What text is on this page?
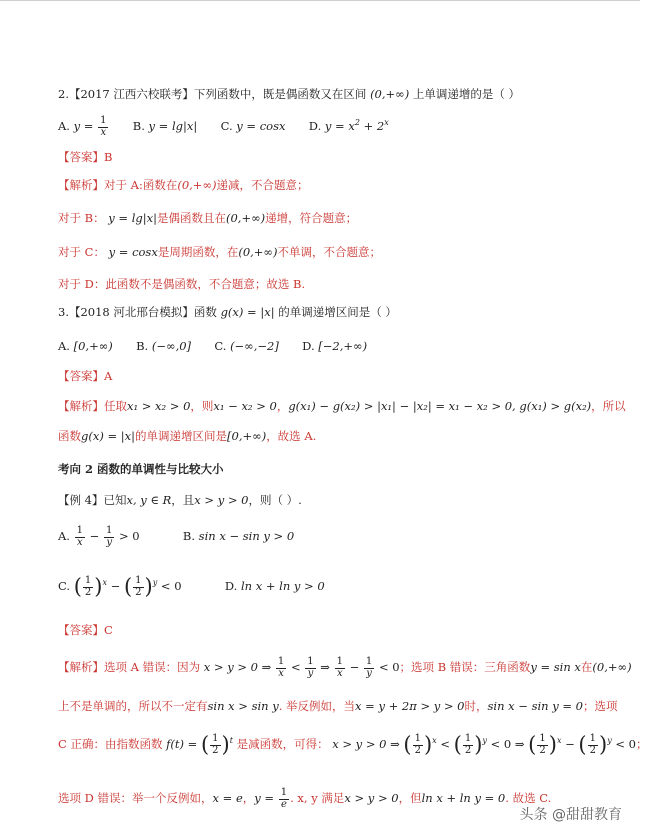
2.【2017 江西六校联考】下列函数中，既是偶函数又在区间 (0,+∞) 上单调递增的是（ ）
A. $y = \frac{1}{x} B$. y = lg|x| C. y = cosx D. $y = x^2 + 2^x$
【答案】B
【解析】对于 A:函数在(0,+∞)递减，不合题意；
对于 B： y = lg|x|是偶函数且在(0,+∞)递增，符合题意；
对于 C： y = cosx是周期函数，在(0,+∞)不单调，不合题意；
对于 D：此函数不是偶函数，不合题意；故选 B.
3.【2018 河北邢台模拟】函数 g(x) = |x| 的单调递增区间是（ ）
A. [0,+∞) B. (−∞,0] C. (−∞,−2] D. [−2,+∞)
【答案】A
【解析】任取x₁ > x₂ > 0，则x₁ − x₂ > 0，g(x₁) − g(x₂) > |x₁| − |x₂| = x₁ − x₂ > 0, g(x₁) > g(x₂)，所以
函数g(x) = |x|的单调递增区间是[0,+∞)，故选 A.
考向 2 函数的单调性与比较大小
【例 4】已知x, y ∈ R，且x > y > 0，则（ ）.
A. $\frac{1}{x} - \frac{1}{y} > 0$	B. sin x − sin y > 0
C. ( $\frac{1}{2} )^x$ − ( $\frac{1}{2} )^y < 0$	D. ln x + ln y > 0
【答案】C
【解析】选项 A 错误：因为 x > y > 0 ⇒ $\frac{1}{x} < \frac{1}{y}$ ⇒ $\frac{1}{x} - \frac{1}{y} < 0$；选项 B 错误：三角函数y = sin x在(0,+∞)
上不是单调的，所以不一定有sin x > sin y. 举反例如，当x = y + 2π > y > 0时，sin x − sin y = 0；选项
C 正确：由指数函数 f(t) = ( $\frac{1}{2} )^t$ 是减函数，可得： x > y > 0 ⇒ ( $\frac{1}{2} )^x$ < ( $\frac{1}{2} )^y < 0$ ⇒ ( $\frac{1}{2} )^x$ − ( $\frac{1}{2} )^y < 0$；
选项 D 错误：举一个反例如，x = e，$y = \frac{1}{e}$ . x, y 满足x > y > 0，但ln x + ln y = 0. 故选 C.
头条 @甜甜教育
